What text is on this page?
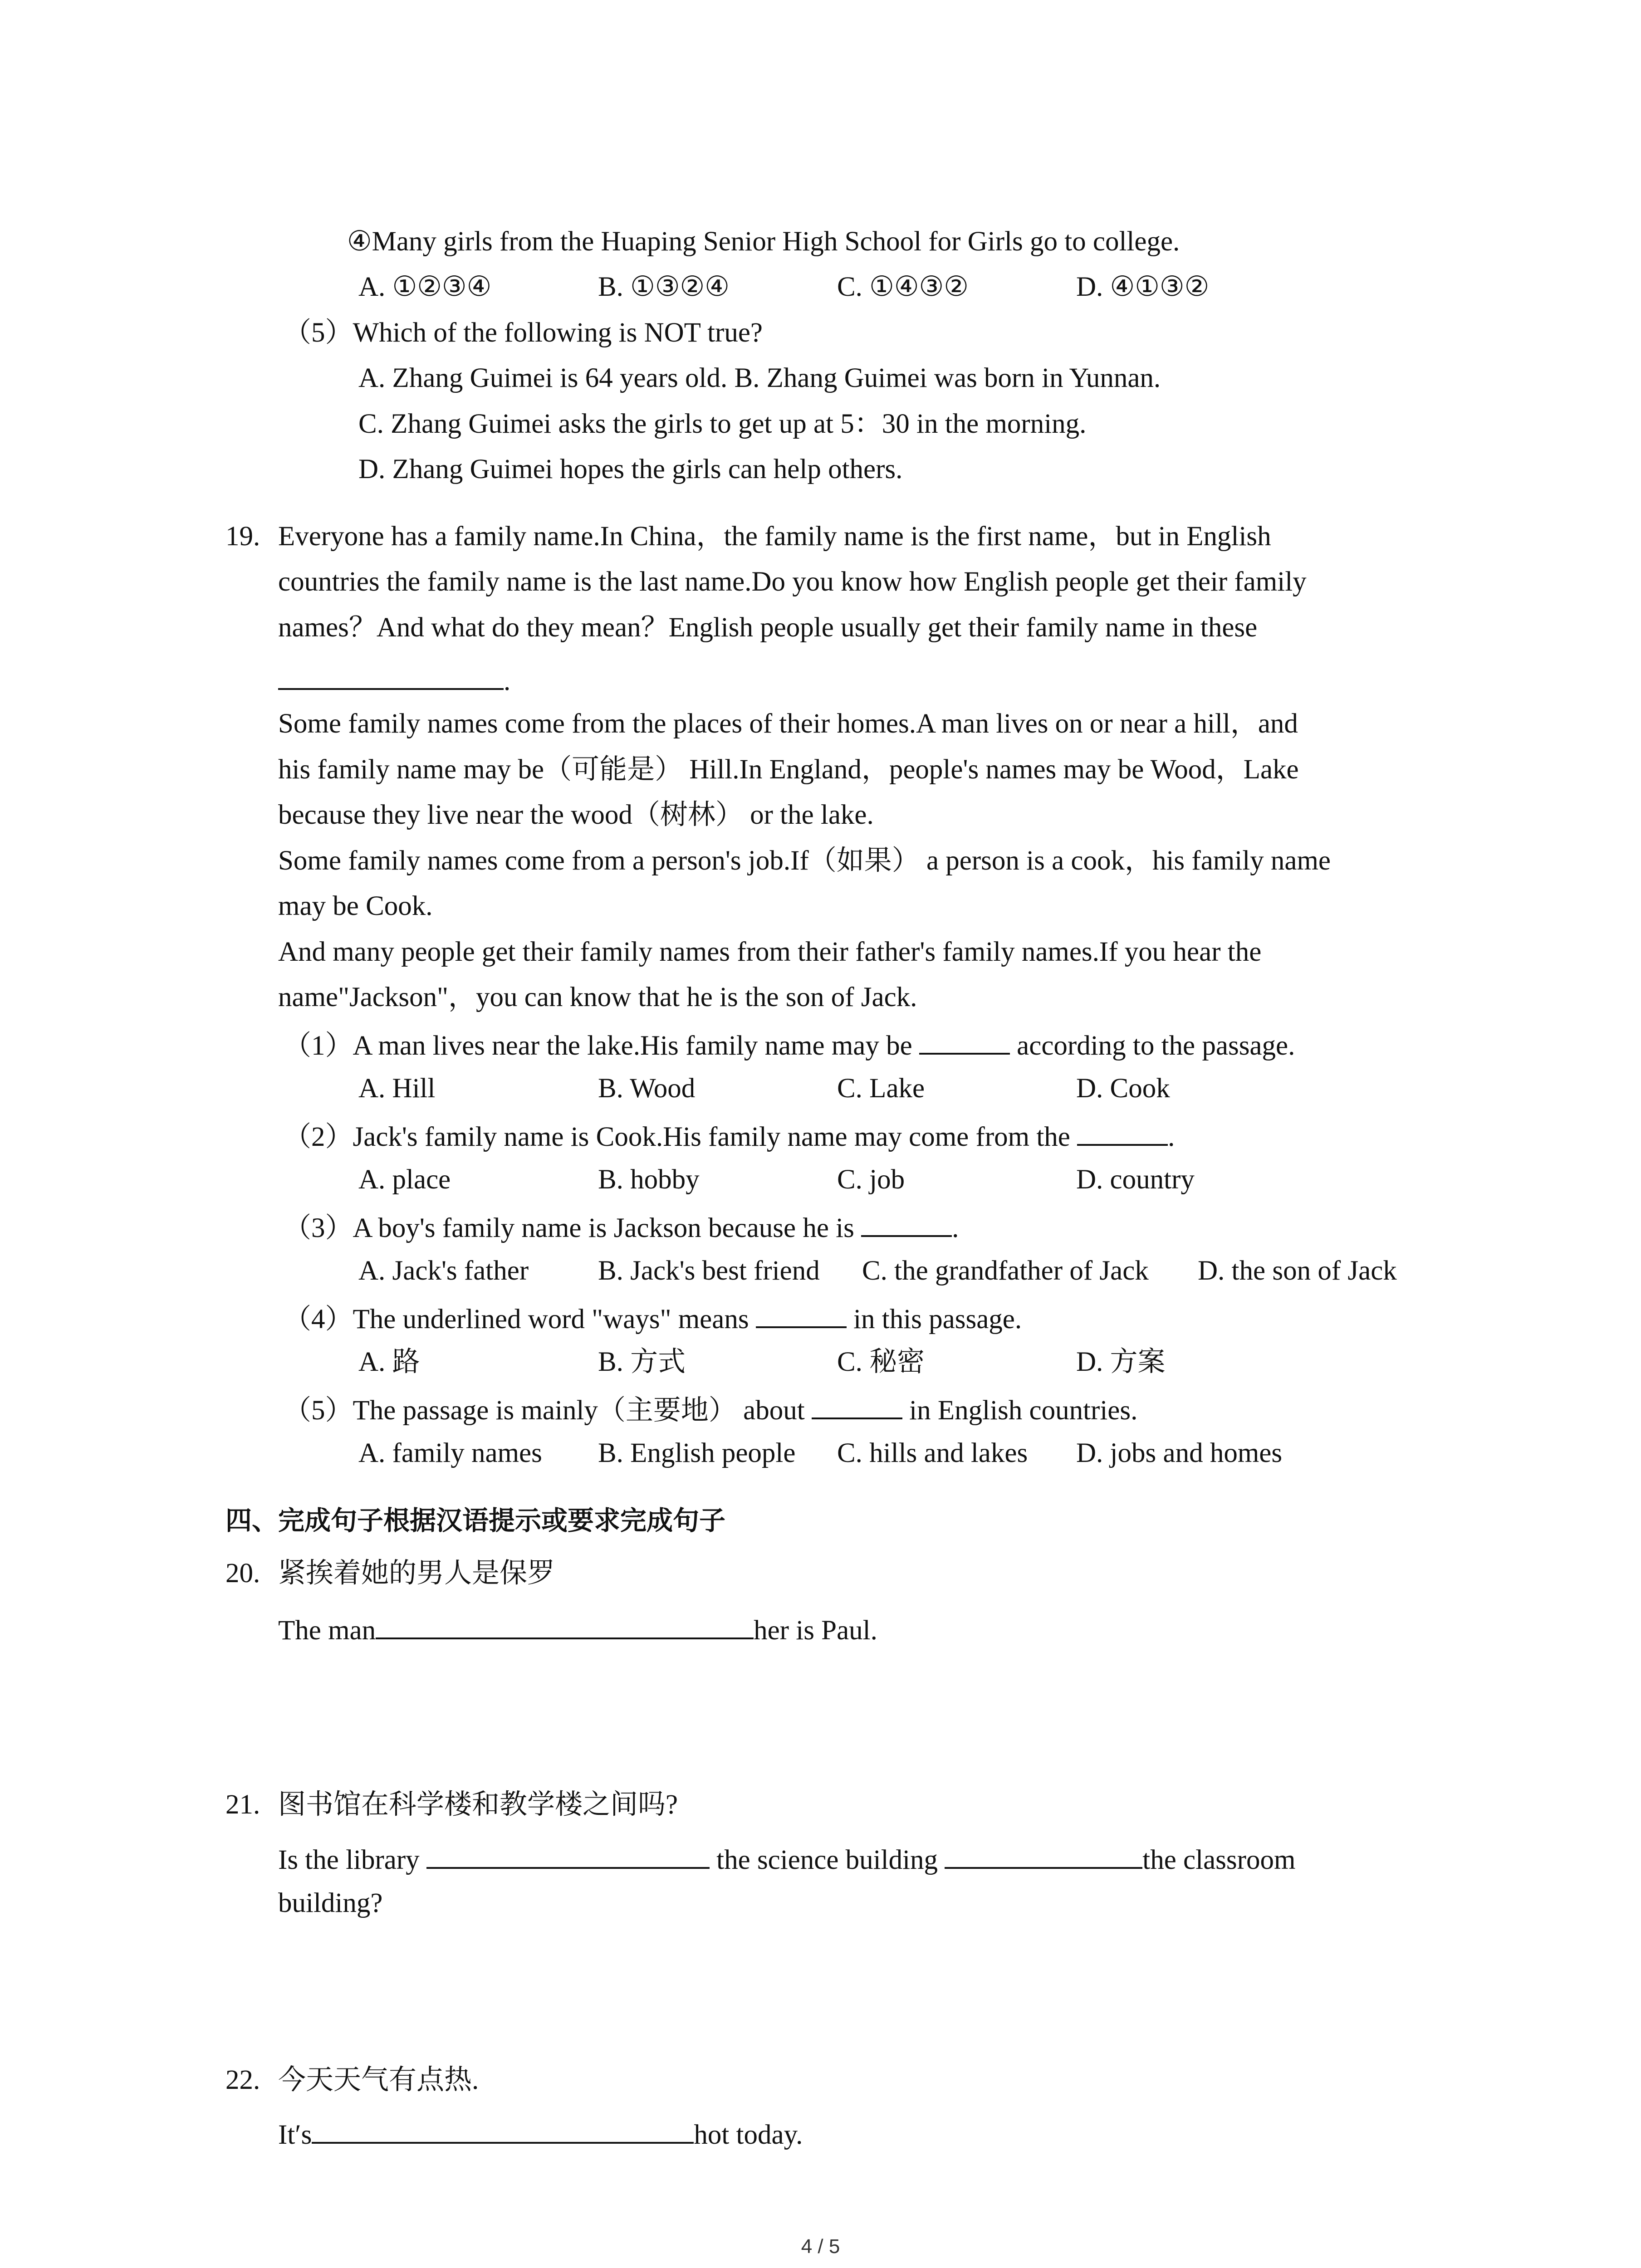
④Many girls from the Huaping Senior High School for Girls go to college.
A. ①②③④	B. ①③②④	C. ①④③②	D. ④①③②
（5）Which of the following is NOT true?
A. Zhang Guimei is 64 years old. B. Zhang Guimei was born in Yunnan.
C. Zhang Guimei asks the girls to get up at 5：30 in the morning.
D. Zhang Guimei hopes the girls can help others.
19. Everyone has a family name.In China，the family name is the first name，but in English
countries the family name is the last name.Do you know how English people get their family
names？And what do they mean？English people usually get their family name in these
.
Some family names come from the places of their homes.A man lives on or near a hill，and
his family name may be（可能是） Hill.In England，people's names may be Wood，Lake
because they live near the wood（树林） or the lake.
Some family names come from a person's job.If（如果） a person is a cook，his family name
may be Cook.
And many people get their family names from their father's family names.If you hear the
name"Jackson"，you can know that he is the son of Jack.
（1）A man lives near the lake.His family name may be	according to the passage.
A. Hill	B. Wood	C. Lake	D. Cook
（2）Jack's family name is Cook.His family name may come from the	.
A. place	B. hobby	C. job	D. country
（3）A boy's family name is Jackson because he is	.
A. Jack's father	B. Jack's best friend C. the grandfather of Jack D. the son of Jack
（4）The underlined word "ways" means	in this passage.
A. 路	B. 方式	C. 秘密	D. 方案
（5）The passage is mainly（主要地） about	in English countries.
A. family names B. English people C. hills and lakes D. jobs and homes
四、完成句子根据汉语提示或要求完成句子
20. 紧挨着她的男人是保罗
The man	her is Paul.
21. 图书馆在科学楼和教学楼之间吗?
Is the library	the science building	the classroom
building?
22. 今天天气有点热.
It′s	hot today.
4 / 5
